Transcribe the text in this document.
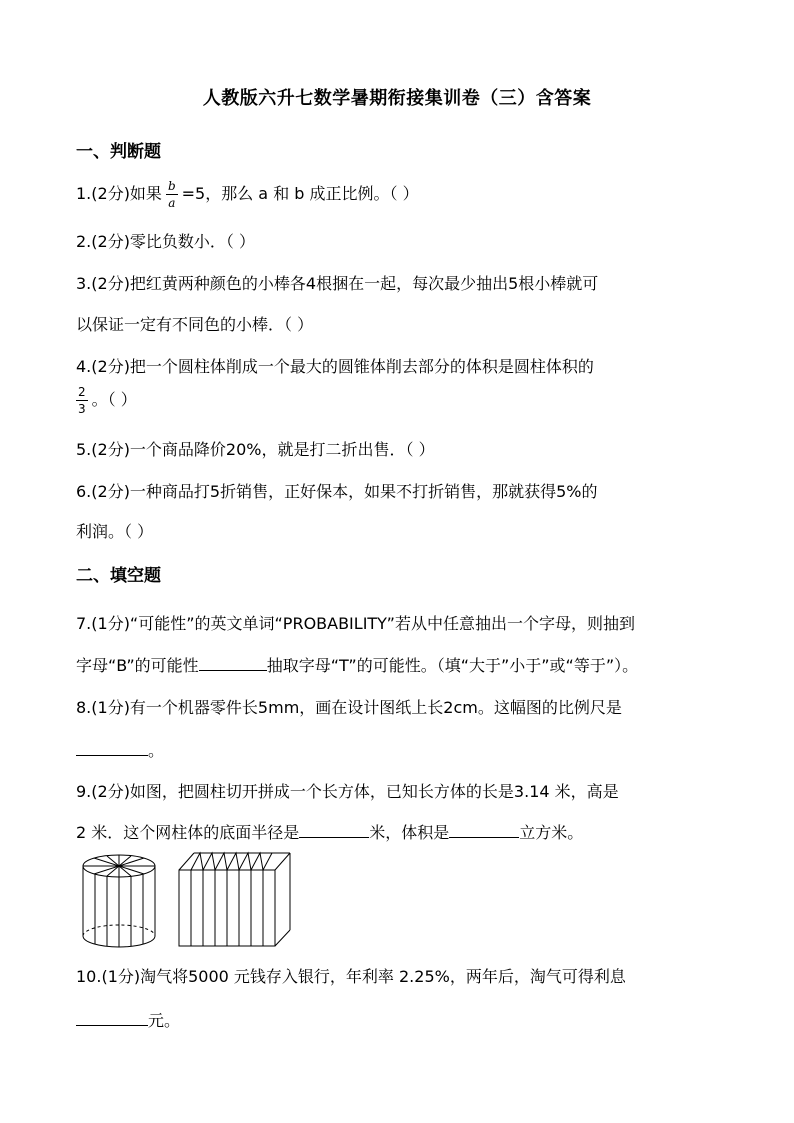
人教版六升七数学暑期衔接集训卷（三）含答案
一、判断题
1.(2分)如果 $\frac{b}{a} =5$，那么 a 和 b 成正比例。（ ）
2.(2分)零比负数小．（ ）
3.(2分)把红黄两种颜色的小棒各4根捆在一起，每次最少抽出5根小棒就可
以保证一定有不同色的小棒．（ ）
4.(2分)把一个圆柱体削成一个最大的圆锥体削去部分的体积是圆柱体积的
$\frac{2}{3}$ 。（ ）
5.(2分)一个商品降价20%，就是打二折出售．（ ）
6.(2分)一种商品打5折销售，正好保本，如果不打折销售，那就获得5%的
利润。（ ）
二、填空题
7.(1分)“可能性”的英文单词“PROBABILITY”若从中任意抽出一个字母，则抽到
字母“B”的可能性	抽取字母“T”的可能性。（填“大于”小于”或“等于”）。
8.(1分)有一个机器零件长5mm，画在设计图纸上长2cm。这幅图的比例尺是
。
9.(2分)如图，把圆柱切开拼成一个长方体，已知长方体的长是3.14 米，高是
2 米．这个网柱体的底面半径是	米，体积是	立方米。
10.(1分)淘气将5000 元钱存入银行，年利率 2.25%，两年后，淘气可得利息
元。
